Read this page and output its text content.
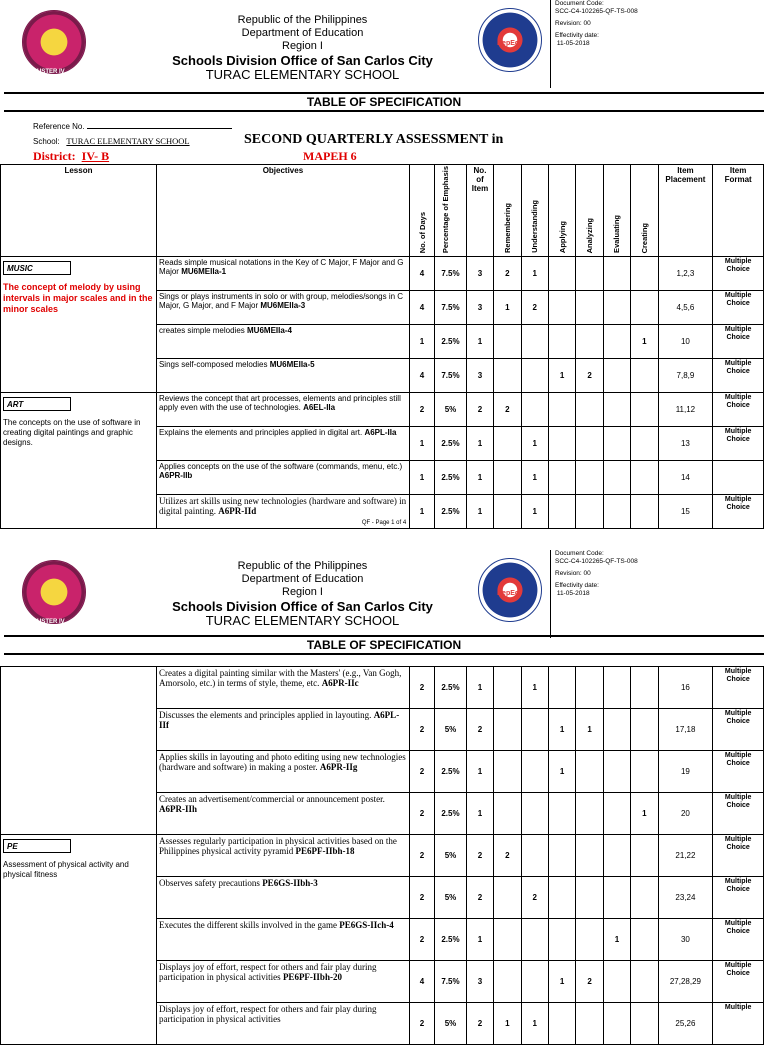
CLUSTER IV
Republic of the Philippines
Department of Education
Region I
Schools Division Office of San Carlos City
TURAC ELEMENTARY SCHOOL
DepEd
Document Code:
SCC-C4-102265-QF-TS-008
Revision: 00
Effectivity date:
11-05-2018
TABLE OF SPECIFICATION
Reference No.
School: TURAC ELEMENTARY SCHOOL	SECOND QUARTERLY ASSESSMENT in
District: IV- B	MAPEH 6
Lesson	Objectives	No. of Days	Percentage of Emphasis	No. of Item	Remembering	Understanding	Applying	Analyzing	Evaluating	Creating	Item Placement	Item Format
MUSIC
The concept of melody by using intervals in major scales and in the minor scales	Reads simple musical notations in the Key of C Major, F Major and G Major MU6MEIIa-1	4	7.5%	3	2	1					1,2,3	Multiple Choice
	Sings or plays instruments in solo or with group, melodies/songs in C Major, G Major, and F Major MU6MEIIa-3	4	7.5%	3	1	2					4,5,6	Multiple Choice
	creates simple melodies MU6MEIIa-4	1	2.5%	1						1	10	Multiple Choice
	Sings self-composed melodies MU6MEIIa-5	4	7.5%	3			1	2			7,8,9	Multiple Choice
ART
The concepts on the use of software in creating digital paintings and graphic designs.	Reviews the concept that art processes, elements and principles still apply even with the use of technologies. A6EL-IIa	2	5%	2	2						11,12	Multiple Choice
	Explains the elements and principles applied in digital art. A6PL-IIa	1	2.5%	1		1					13	Multiple Choice
	Applies concepts on the use of the software (commands, menu, etc.) A6PR-IIb	1	2.5%	1		1					14	
	Utilizes art skills using new technologies (hardware and software) in digital painting. A6PR-IId	1	2.5%	1		1					15	Multiple Choice
QF - Page 1 of 4
CLUSTER IV
Republic of the Philippines
Department of Education
Region I
Schools Division Office of San Carlos City
TURAC ELEMENTARY SCHOOL
DepEd
Document Code:
SCC-C4-102265-QF-TS-008
Revision: 00
Effectivity date:
11-05-2018
TABLE OF SPECIFICATION
	Creates a digital painting similar with the Masters' (e.g., Van Gogh, Amorsolo, etc.) in terms of style, theme, etc. A6PR-IIc	2	2.5%	1		1					16	Multiple Choice
	Discusses the elements and principles applied in layouting. A6PL-IIf	2	5%	2			1	1			17,18	Multiple Choice
	Applies skills in layouting and photo editing using new technologies (hardware and software) in making a poster. A6PR-IIg	2	2.5%	1			1				19	Multiple Choice
	Creates an advertisement/commercial or announcement poster. A6PR-IIh	2	2.5%	1						1	20	Multiple Choice
PE
Assessment of physical activity and physical fitness	Assesses regularly participation in physical activities based on the Philippines physical activity pyramid PE6PF-IIbh-18	2	5%	2	2						21,22	Multiple Choice
	Observes safety precautions PE6GS-IIbh-3	2	5%	2		2					23,24	Multiple Choice
	Executes the different skills involved in the game PE6GS-IIch-4	2	2.5%	1					1		30	Multiple Choice
	Displays joy of effort, respect for others and fair play during participation in physical activities PE6PF-IIbh-20	4	7.5%	3			1	2			27,28,29	Multiple Choice
	Displays joy of effort, respect for others and fair play during participation in physical activities	2	5%	2	1	1					25,26	Multiple
